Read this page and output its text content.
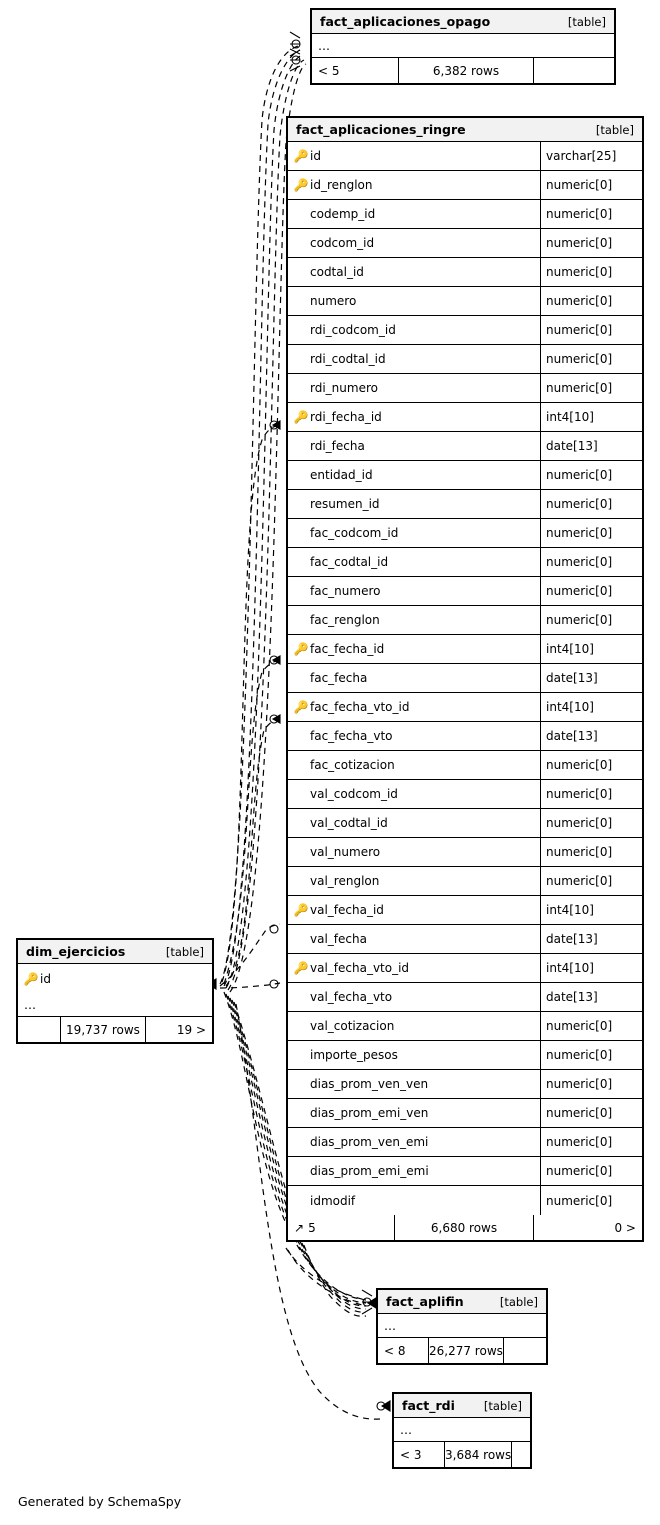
fact_aplicaciones_opago	[table]
…
< 5	6,382 rows
fact_aplicaciones_ringre	[table]
🔑 id	varchar[25]
🔑 id_renglon	numeric[0]
codemp_id	numeric[0]
codcom_id	numeric[0]
codtal_id	numeric[0]
numero	numeric[0]
rdi_codcom_id	numeric[0]
rdi_codtal_id	numeric[0]
rdi_numero	numeric[0]
🔑 rdi_fecha_id	int4[10]
rdi_fecha	date[13]
entidad_id	numeric[0]
resumen_id	numeric[0]
fac_codcom_id	numeric[0]
fac_codtal_id	numeric[0]
fac_numero	numeric[0]
fac_renglon	numeric[0]
🔑 fac_fecha_id	int4[10]
fac_fecha	date[13]
🔑 fac_fecha_vto_id	int4[10]
fac_fecha_vto	date[13]
fac_cotizacion	numeric[0]
val_codcom_id	numeric[0]
val_codtal_id	numeric[0]
val_numero	numeric[0]
val_renglon	numeric[0]
🔑 val_fecha_id	int4[10]
val_fecha	date[13]
🔑 val_fecha_vto_id	int4[10]
val_fecha_vto	date[13]
val_cotizacion	numeric[0]
importe_pesos	numeric[0]
dias_prom_ven_ven	numeric[0]
dias_prom_emi_ven	numeric[0]
dias_prom_ven_emi	numeric[0]
dias_prom_emi_emi	numeric[0]
idmodif	numeric[0]
↗ 5	6,680 rows	0 >
dim_ejercicios	[table]
🔑 id
…
19,737 rows	19 >
fact_aplifin	[table]
…
< 8	26,277 rows
fact_rdi	[table]
…
< 3	3,684 rows
Generated by SchemaSpy
